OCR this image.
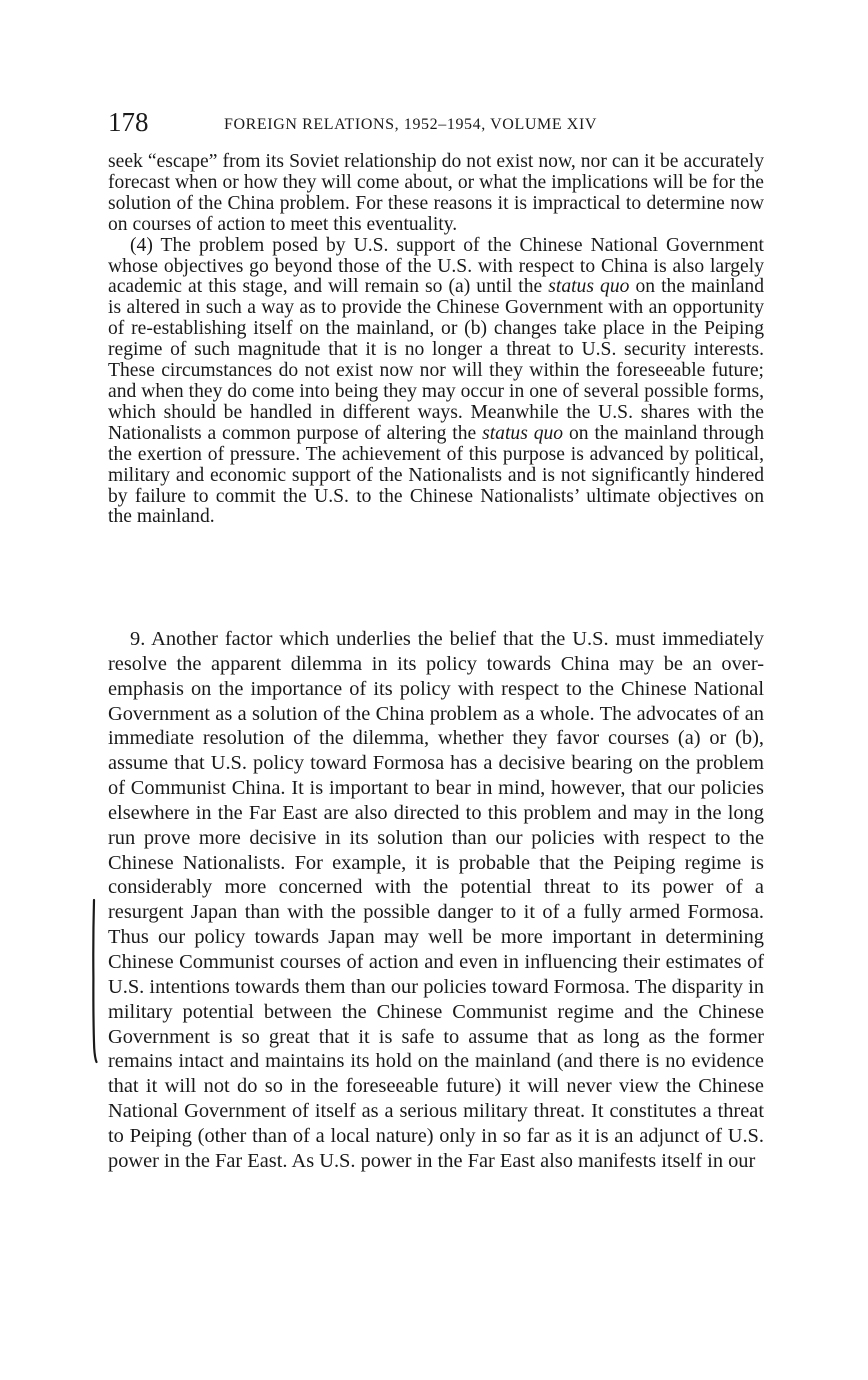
178	FOREIGN RELATIONS, 1952–1954, VOLUME XIV

seek “escape” from its Soviet relationship do not exist now, nor can it be accurately forecast when or how they will come about, or what the implications will be for the solution of the China problem. For these reasons it is impractical to determine now on courses of action to meet this eventuality.

(4) The problem posed by U.S. support of the Chinese National Government whose objectives go beyond those of the U.S. with respect to China is also largely academic at this stage, and will remain so (a) until the status quo on the mainland is altered in such a way as to provide the Chinese Government with an opportunity of re-establishing itself on the mainland, or (b) changes take place in the Peiping regime of such magnitude that it is no longer a threat to U.S. security interests. These circumstances do not exist now nor will they within the foreseeable future; and when they do come into being they may occur in one of several possible forms, which should be handled in different ways. Meanwhile the U.S. shares with the Nationalists a common purpose of altering the status quo on the mainland through the exertion of pressure. The achievement of this purpose is advanced by political, military and economic support of the Nationalists and is not significantly hindered by failure to commit the U.S. to the Chinese Nationalists’ ultimate objectives on the mainland.

9. Another factor which underlies the belief that the U.S. must immediately resolve the apparent dilemma in its policy towards China may be an over-emphasis on the importance of its policy with respect to the Chinese National Government as a solution of the China problem as a whole. The advocates of an immediate resolution of the dilemma, whether they favor courses (a) or (b), assume that U.S. policy toward Formosa has a decisive bearing on the problem of Communist China. It is important to bear in mind, however, that our policies elsewhere in the Far East are also directed to this problem and may in the long run prove more decisive in its solution than our policies with respect to the Chinese Nationalists. For example, it is probable that the Peiping regime is considerably more concerned with the potential threat to its power of a resurgent Japan than with the possible danger to it of a fully armed Formosa. Thus our policy towards Japan may well be more important in determining Chinese Communist courses of action and even in influencing their estimates of U.S. intentions towards them than our policies toward Formosa. The disparity in military potential between the Chinese Communist regime and the Chinese Government is so great that it is safe to assume that as long as the former remains intact and maintains its hold on the mainland (and there is no evidence that it will not do so in the foreseeable future) it will never view the Chinese National Government of itself as a serious military threat. It constitutes a threat to Peiping (other than of a local nature) only in so far as it is an adjunct of U.S. power in the Far East. As U.S. power in the Far East also manifests itself in our
